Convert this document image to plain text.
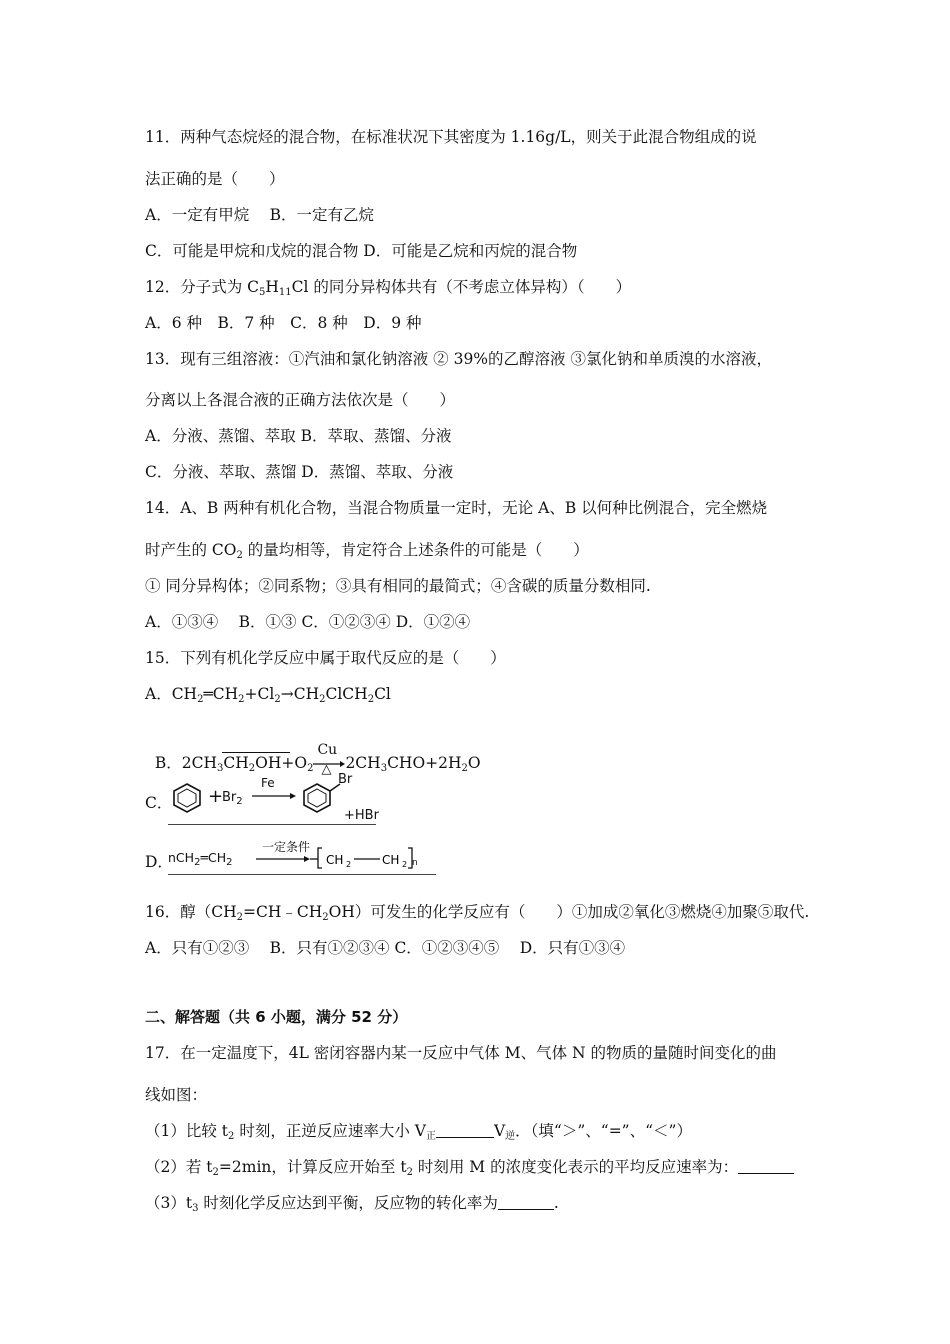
11．两种气态烷烃的混合物，在标准状况下其密度为 1.16g/L，则关于此混合物组成的说
法正确的是（　　）
A．一定有甲烷　 B．一定有乙烷
C．可能是甲烷和戊烷的混合物 D．可能是乙烷和丙烷的混合物
12．分子式为 $C_5H_{11}Cl$ 的同分异构体共有（不考虑立体异构）（　　）
A．6 种　B．7 种　C．8 种　D．9 种
13．现有三组溶液：①汽油和氯化钠溶液 ② 39%的乙醇溶液 ③氯化钠和单质溴的水溶液，
分离以上各混合液的正确方法依次是（　　）
A．分液、蒸馏、萃取 B．萃取、蒸馏、分液
C．分液、萃取、蒸馏 D．蒸馏、萃取、分液
14．A、B 两种有机化合物，当混合物质量一定时，无论 A、B 以何种比例混合，完全燃烧
时产生的 $CO_2$ 的量均相等，肯定符合上述条件的可能是（　　）
① 同分异构体；②同系物；③具有相同的最简式；④含碳的质量分数相同.
A．①③④　 B．①③ C．①②③④ D．①②④
15．下列有机化学反应中属于取代反应的是（　　）
A．$CH_2═CH_2+Cl_2\to CH_2ClCH_2Cl$

B．$2CH_3CH_2OH+O_2$
Cu
△ $2CH_3CHO+2H_2O$

C． +
$Br_2$
Fe	Br
+HBr
D．
$nCH_2═CH_2$
一定条件
CH 2	CH 2 n
16．醇$(CH_2=CH﹣CH_2OH)$可发生的化学反应有（　　）①加成②氧化③燃烧④加聚⑤取代.
A．只有①②③　 B．只有①②③④ C．①②③④⑤　 D．只有①③④
二、解答题（共 6 小题，满分 52 分）
17．在一定温度下，4L 密闭容器内某一反应中气体 M、气体 N 的物质的量随时间变化的曲
线如图：
（1）比较 $t_2$ 时刻，正逆反应速率大小 $V_正$	$V_逆$．（填“＞”、“=”、“＜”）
（2）若 $t_2=2\min$，计算反应开始至 $t_2$ 时刻用 M 的浓度变化表示的平均反应速率为：
$(3)t_3$ 时刻化学反应达到平衡，反应物的转化率为	.
